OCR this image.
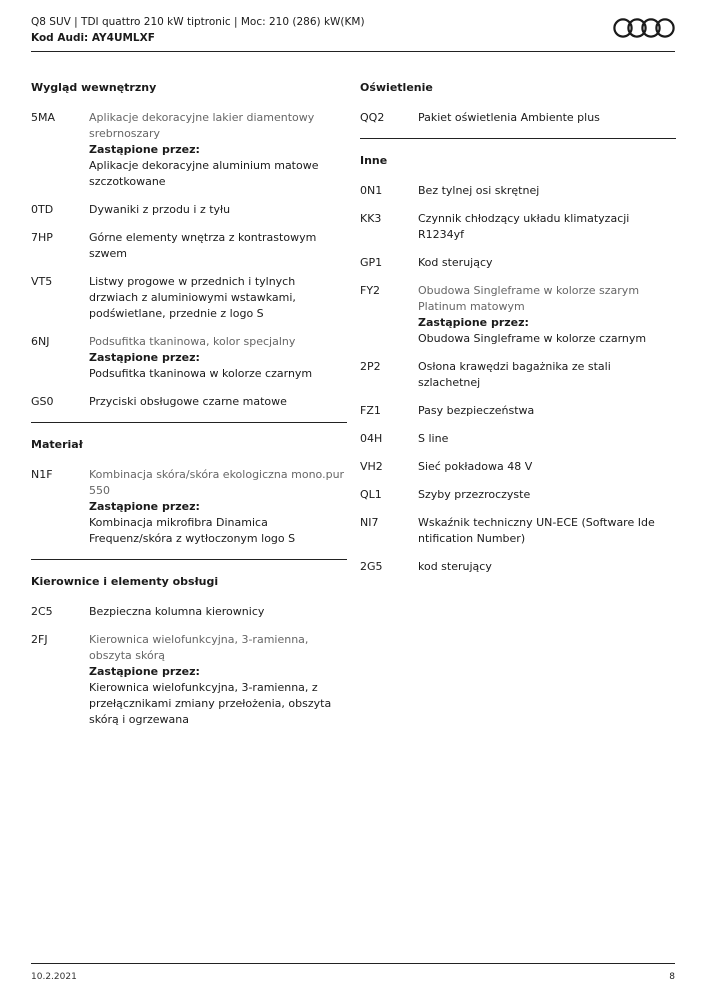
Q8 SUV | TDI quattro 210 kW tiptronic | Moc: 210 (286) kW(KM)
Kod Audi: AY4UMLXF
Wygląd wewnętrzny
5MA	Aplikacje dekoracyjne lakier diamentowy srebrnoszary
Zastąpione przez:
Aplikacje dekoracyjne aluminium matowe szczotkowane
0TD	Dywaniki z przodu i z tyłu
7HP	Górne elementy wnętrza z kontrastowym szwem
VT5	Listwy progowe w przednich i tylnych drzwiach z aluminiowymi wstawkami, podświetlane, przednie z logo S
6NJ	Podsufitka tkaninowa, kolor specjalny
Zastąpione przez:
Podsufitka tkaninowa w kolorze czarnym
GS0	Przyciski obsługowe czarne matowe
Materiał
N1F	Kombinacja skóra/skóra ekologiczna mono.pur 550
Zastąpione przez:
Kombinacja mikrofibra Dinamica Frequenz/skóra z wytłoczonym logo S
Kierownice i elementy obsługi
2C5	Bezpieczna kolumna kierownicy
2FJ	Kierownica wielofunkcyjna, 3-ramienna, obszyta skórą
Zastąpione przez:
Kierownica wielofunkcyjna, 3-ramienna, z przełącznikami zmiany przełożenia, obszyta skórą i ogrzewana
Oświetlenie
QQ2	Pakiet oświetlenia Ambiente plus
Inne
0N1	Bez tylnej osi skrętnej
KK3	Czynnik chłodzący układu klimatyzacji R1234yf
GP1	Kod sterujący
FY2	Obudowa Singleframe w kolorze szarym Platinum matowym
Zastąpione przez:
Obudowa Singleframe w kolorze czarnym
2P2	Osłona krawędzi bagażnika ze stali szlachetnej
FZ1	Pasy bezpieczeństwa
04H	S line
VH2	Sieć pokładowa 48 V
QL1	Szyby przezroczyste
NI7	Wskaźnik techniczny UN-ECE (Software Ide ntification Number)
2G5	kod sterujący
10.2.2021	8
